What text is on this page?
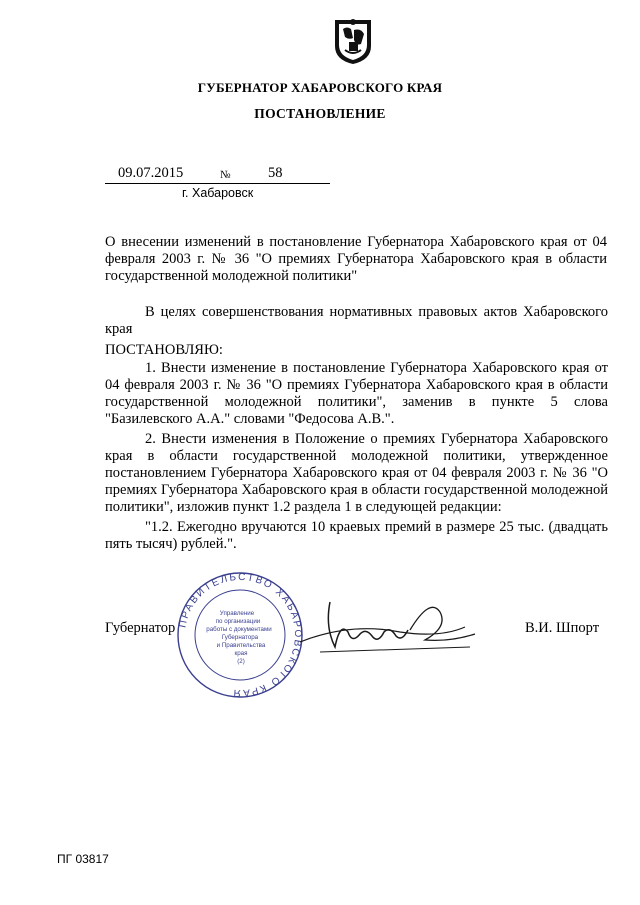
ГУБЕРНАТОР ХАБАРОВСКОГО КРАЯ
ПОСТАНОВЛЕНИЕ
09.07.2015	№	58
г. Хабаровск
О внесении изменений в постановление Губернатора Хабаровского края от 04 февраля 2003 г. № 36 "О премиях Губернатора Хабаровского края в области государственной молодежной политики"

В целях совершенствования нормативных правовых актов Хабаровского края

ПОСТАНОВЛЯЮ:

1. Внести изменение в постановление Губернатора Хабаровского края от 04 февраля 2003 г. № 36 "О премиях Губернатора Хабаровского края в области государственной молодежной политики", заменив в пункте 5 слова "Базилевского А.А." словами "Федосова А.В.".

2. Внести изменения в Положение о премиях Губернатора Хабаровского края в области государственной молодежной политики, утвержденное постановлением Губернатора Хабаровского края от 04 февраля 2003 г. № 36 "О премиях Губернатора Хабаровского края в области государственной молодежной политики", изложив пункт 1.2 раздела 1 в следующей редакции:

"1.2. Ежегодно вручаются 10 краевых премий в размере 25 тыс. (двадцать пять тысяч) рублей.".

Губернатор	В.И. Шпорт
ПРАВИТЕЛЬСТВО ХАБАРОВСКОГО КРАЯ
Управление
по организации
работы с документами
Губернатора
и Правительства
края
(2)
ПГ 03817
